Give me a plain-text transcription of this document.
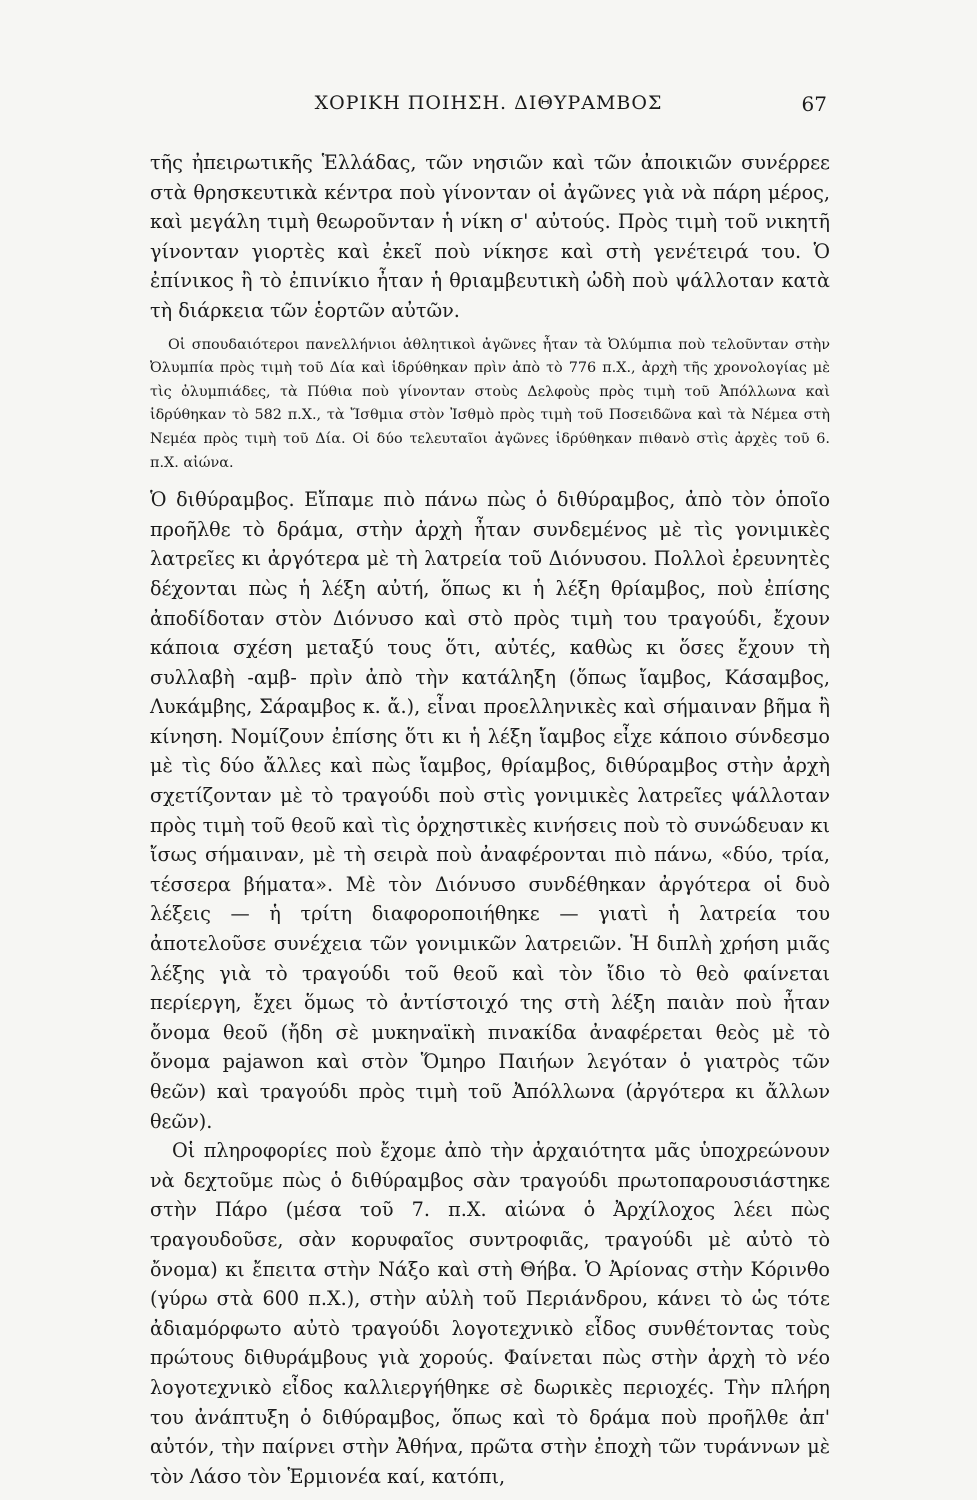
ΧΟΡΙΚΗ ΠΟΙΗΣΗ. ΔΙΘΥΡΑΜΒΟΣ	67

τῆς ἠπειρωτικῆς Ἑλλάδας, τῶν νησιῶν καὶ τῶν ἀποικιῶν συνέρρεε στὰ θρησκευτικὰ κέντρα ποὺ γίνονταν οἱ ἀγῶνες γιὰ νὰ πάρη μέρος, καὶ μεγάλη τιμὴ θεωροῦνταν ἡ νίκη σ' αὐτούς. Πρὸς τιμὴ τοῦ νικητῆ γίνονταν γιορτὲς καὶ ἐκεῖ ποὺ νίκησε καὶ στὴ γενέτειρά του. Ὁ ἐπίνικος ἢ τὸ ἐπινίκιο ἦταν ἡ θριαμβευτικὴ ὠδὴ ποὺ ψάλλοταν κατὰ τὴ διάρκεια τῶν ἑορτῶν αὐτῶν.

Οἱ σπουδαιότεροι πανελλήνιοι ἀθλητικοὶ ἀγῶνες ἦταν τὰ Ὀλύμπια ποὺ τελοῦνταν στὴν Ὀλυμπία πρὸς τιμὴ τοῦ Δία καὶ ἱδρύθηκαν πρὶν ἀπὸ τὸ 776 π.Χ., ἀρχὴ τῆς χρονολογίας μὲ τὶς ὀλυμπιάδες, τὰ Πύθια ποὺ γίνονταν στοὺς Δελφοὺς πρὸς τιμὴ τοῦ Ἀπόλλωνα καὶ ἱδρύθηκαν τὸ 582 π.Χ., τὰ Ἴσθμια στὸν Ἰσθμὸ πρὸς τιμὴ τοῦ Ποσειδῶνα καὶ τὰ Νέμεα στὴ Νεμέα πρὸς τιμὴ τοῦ Δία. Οἱ δύο τελευταῖοι ἀγῶνες ἱδρύθηκαν πιθανὸ στὶς ἀρχὲς τοῦ 6. π.Χ. αἰώνα.

Ὁ διθύραμβος. Εἴπαμε πιὸ πάνω πὼς ὁ διθύραμβος, ἀπὸ τὸν ὁποῖο προῆλθε τὸ δράμα, στὴν ἀρχὴ ἦταν συνδεμένος μὲ τὶς γονιμικὲς λατρεῖες κι ἀργότερα μὲ τὴ λατρεία τοῦ Διόνυσου. Πολλοὶ ἐρευνητὲς δέχονται πὼς ἡ λέξη αὐτή, ὅπως κι ἡ λέξη θρίαμβος, ποὺ ἐπίσης ἀποδίδοταν στὸν Διόνυσο καὶ στὸ πρὸς τιμὴ του τραγούδι, ἔχουν κάποια σχέση μεταξύ τους ὅτι, αὐτές, καθὼς κι ὅσες ἔχουν τὴ συλλαβὴ -αμβ- πρὶν ἀπὸ τὴν κατάληξη (ὅπως ἴαμβος, Κάσαμβος, Λυκάμβης, Σάραμβος κ. ἄ.), εἶναι προελληνικὲς καὶ σήμαιναν βῆμα ἢ κίνηση. Νομίζουν ἐπίσης ὅτι κι ἡ λέξη ἴαμβος εἶχε κάποιο σύνδεσμο μὲ τὶς δύο ἄλλες καὶ πὼς ἴαμβος, θρίαμβος, διθύραμβος στὴν ἀρχὴ σχετίζονταν μὲ τὸ τραγούδι ποὺ στὶς γονιμικὲς λατρεῖες ψάλλοταν πρὸς τιμὴ τοῦ θεοῦ καὶ τὶς ὀρχηστικὲς κινήσεις ποὺ τὸ συνώδευαν κι ἴσως σήμαιναν, μὲ τὴ σειρὰ ποὺ ἀναφέρονται πιὸ πάνω, «δύο, τρία, τέσσερα βήματα». Μὲ τὸν Διόνυσο συνδέθηκαν ἀργότερα οἱ δυὸ λέξεις — ἡ τρίτη διαφοροποιήθηκε — γιατὶ ἡ λατρεία του ἀποτελοῦσε συνέχεια τῶν γονιμικῶν λατρειῶν. Ἡ διπλὴ χρήση μιᾶς λέξης γιὰ τὸ τραγούδι τοῦ θεοῦ καὶ τὸν ἴδιο τὸ θεὸ φαίνεται περίεργη, ἔχει ὅμως τὸ ἀντίστοιχό της στὴ λέξη παιὰν ποὺ ἦταν ὄνομα θεοῦ (ἤδη σὲ μυκηναϊκὴ πινακίδα ἀναφέρεται θεὸς μὲ τὸ ὄνομα pajawon καὶ στὸν Ὅμηρο Παιήων λεγόταν ὁ γιατρὸς τῶν θεῶν) καὶ τραγούδι πρὸς τιμὴ τοῦ Ἀπόλλωνα (ἀργότερα κι ἄλλων θεῶν).

Οἱ πληροφορίες ποὺ ἔχομε ἀπὸ τὴν ἀρχαιότητα μᾶς ὑποχρεώνουν νὰ δεχτοῦμε πὼς ὁ διθύραμβος σὰν τραγούδι πρωτοπαρουσιάστηκε στὴν Πάρο (μέσα τοῦ 7. π.Χ. αἰώνα ὁ Ἀρχίλοχος λέει πὼς τραγουδοῦσε, σὰν κορυφαῖος συντροφιᾶς, τραγούδι μὲ αὐτὸ τὸ ὄνομα) κι ἔπειτα στὴν Νάξο καὶ στὴ Θήβα. Ὁ Ἀρίονας στὴν Κόρινθο (γύρω στὰ 600 π.Χ.), στὴν αὐλὴ τοῦ Περιάνδρου, κάνει τὸ ὡς τότε ἀδιαμόρφωτο αὐτὸ τραγούδι λογοτεχνικὸ εἶδος συνθέτοντας τοὺς πρώτους διθυράμβους γιὰ χορούς. Φαίνεται πὼς στὴν ἀρχὴ τὸ νέο λογοτεχνικὸ εἶδος καλλιεργήθηκε σὲ δωρικὲς περιοχές. Τὴν πλήρη του ἀνάπτυξη ὁ διθύραμβος, ὅπως καὶ τὸ δράμα ποὺ προῆλθε ἀπ' αὐτόν, τὴν παίρνει στὴν Ἀθήνα, πρῶτα στὴν ἐποχὴ τῶν τυράννων μὲ τὸν Λάσο τὸν Ἑρμιονέα καί, κατόπι,
